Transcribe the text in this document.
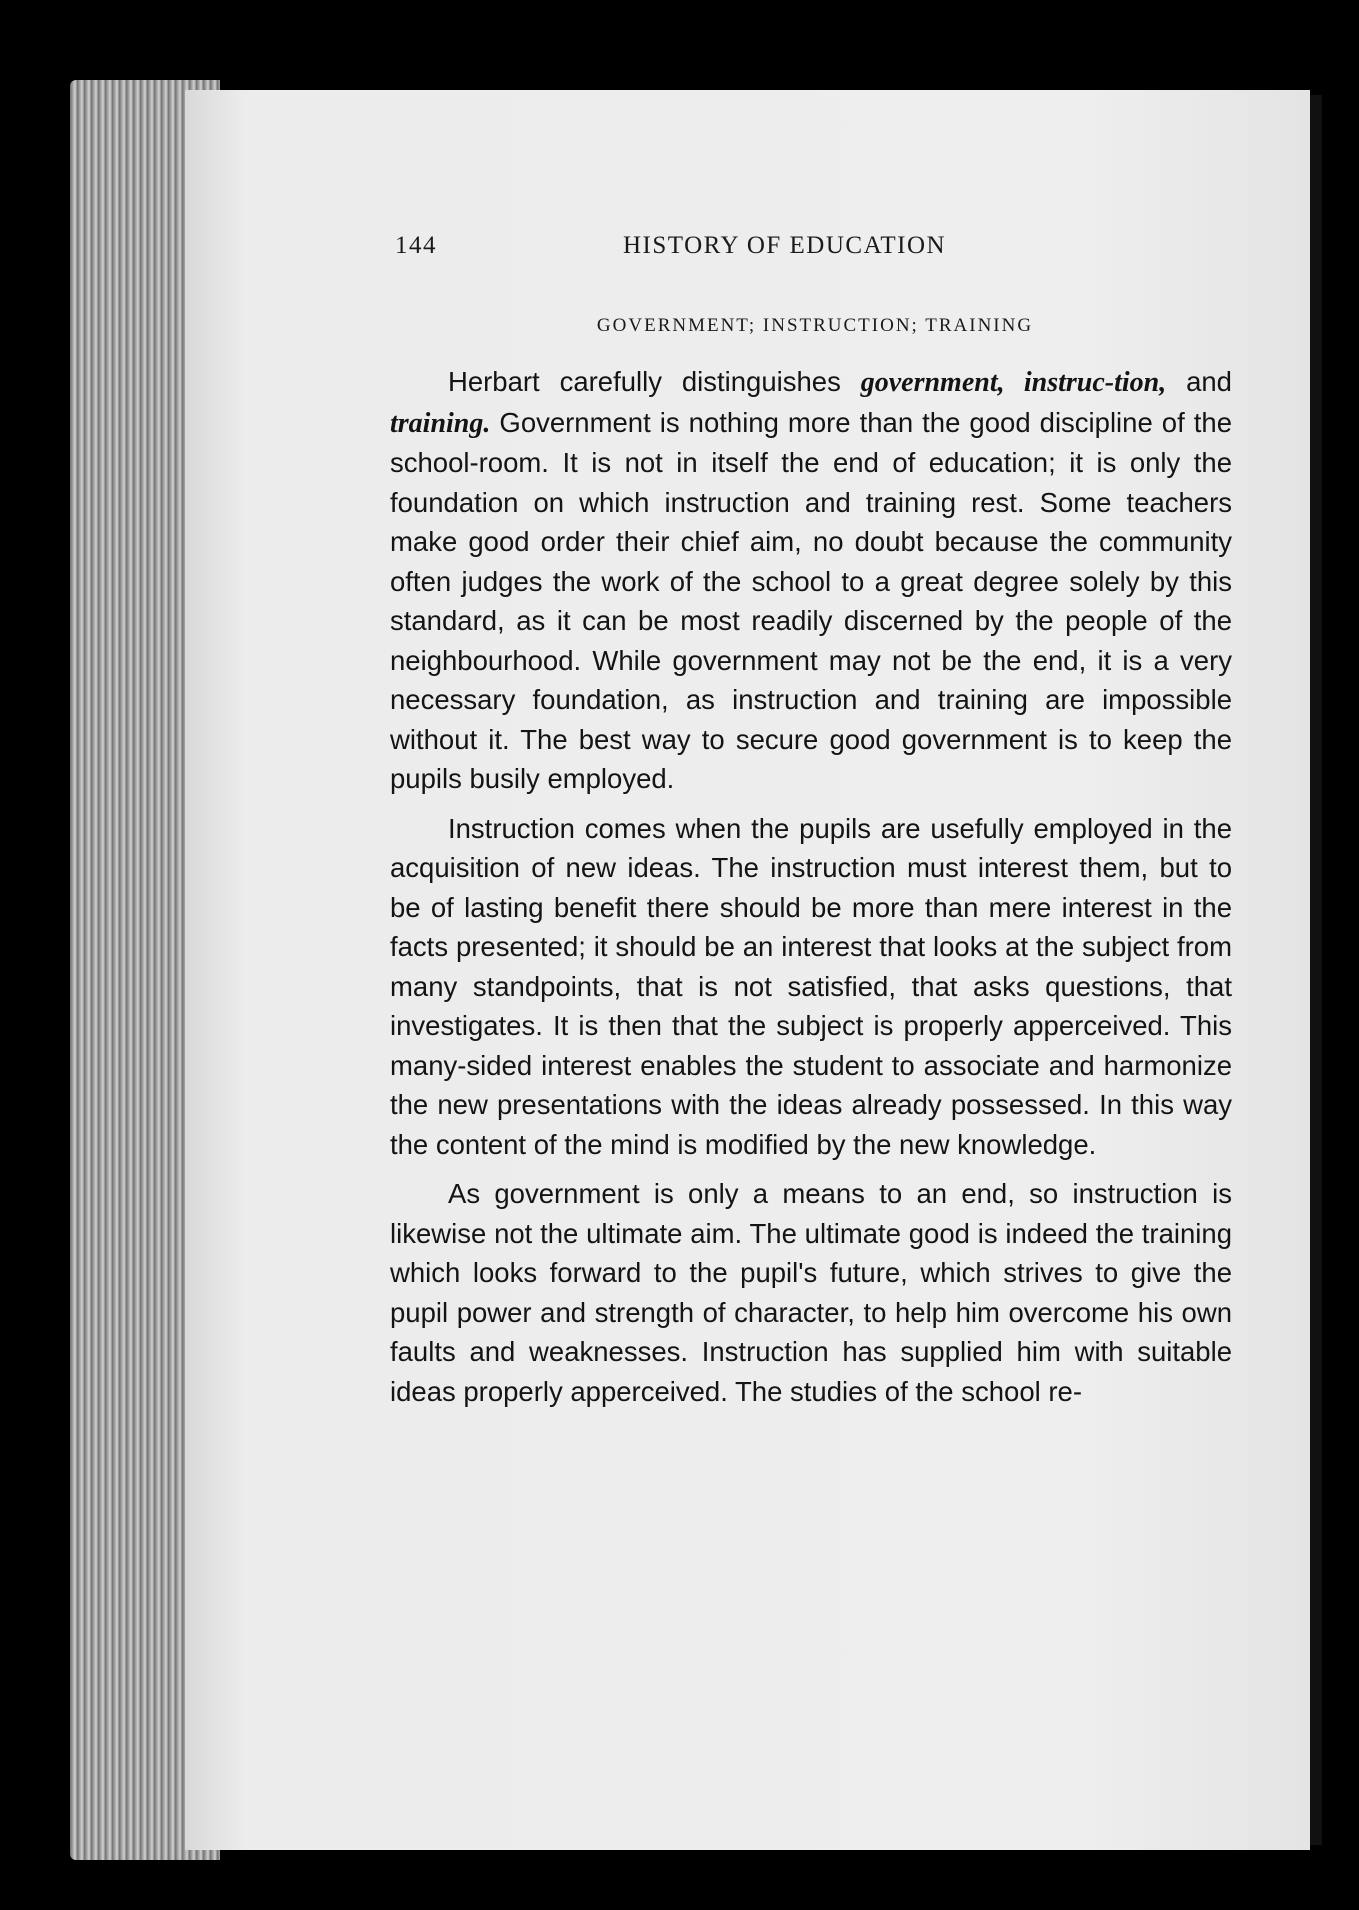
144	HISTORY OF EDUCATION
GOVERNMENT; INSTRUCTION; TRAINING

Herbart carefully distinguishes government, instruc-tion, and training. Government is nothing more than the good discipline of the school-room. It is not in itself the end of education; it is only the foundation on which instruction and training rest. Some teachers make good order their chief aim, no doubt because the community often judges the work of the school to a great degree solely by this standard, as it can be most readily discerned by the people of the neighbourhood. While government may not be the end, it is a very necessary foundation, as instruction and training are impossible without it. The best way to secure good government is to keep the pupils busily employed.

Instruction comes when the pupils are usefully employed in the acquisition of new ideas. The instruction must interest them, but to be of lasting benefit there should be more than mere interest in the facts presented; it should be an interest that looks at the subject from many standpoints, that is not satisfied, that asks questions, that investigates. It is then that the subject is properly apperceived. This many-sided interest enables the student to associate and harmonize the new presentations with the ideas already possessed. In this way the content of the mind is modified by the new knowledge.

As government is only a means to an end, so instruction is likewise not the ultimate aim. The ultimate good is indeed the training which looks forward to the pupil's future, which strives to give the pupil power and strength of character, to help him overcome his own faults and weaknesses. Instruction has supplied him with suitable ideas properly apperceived. The studies of the school re-
